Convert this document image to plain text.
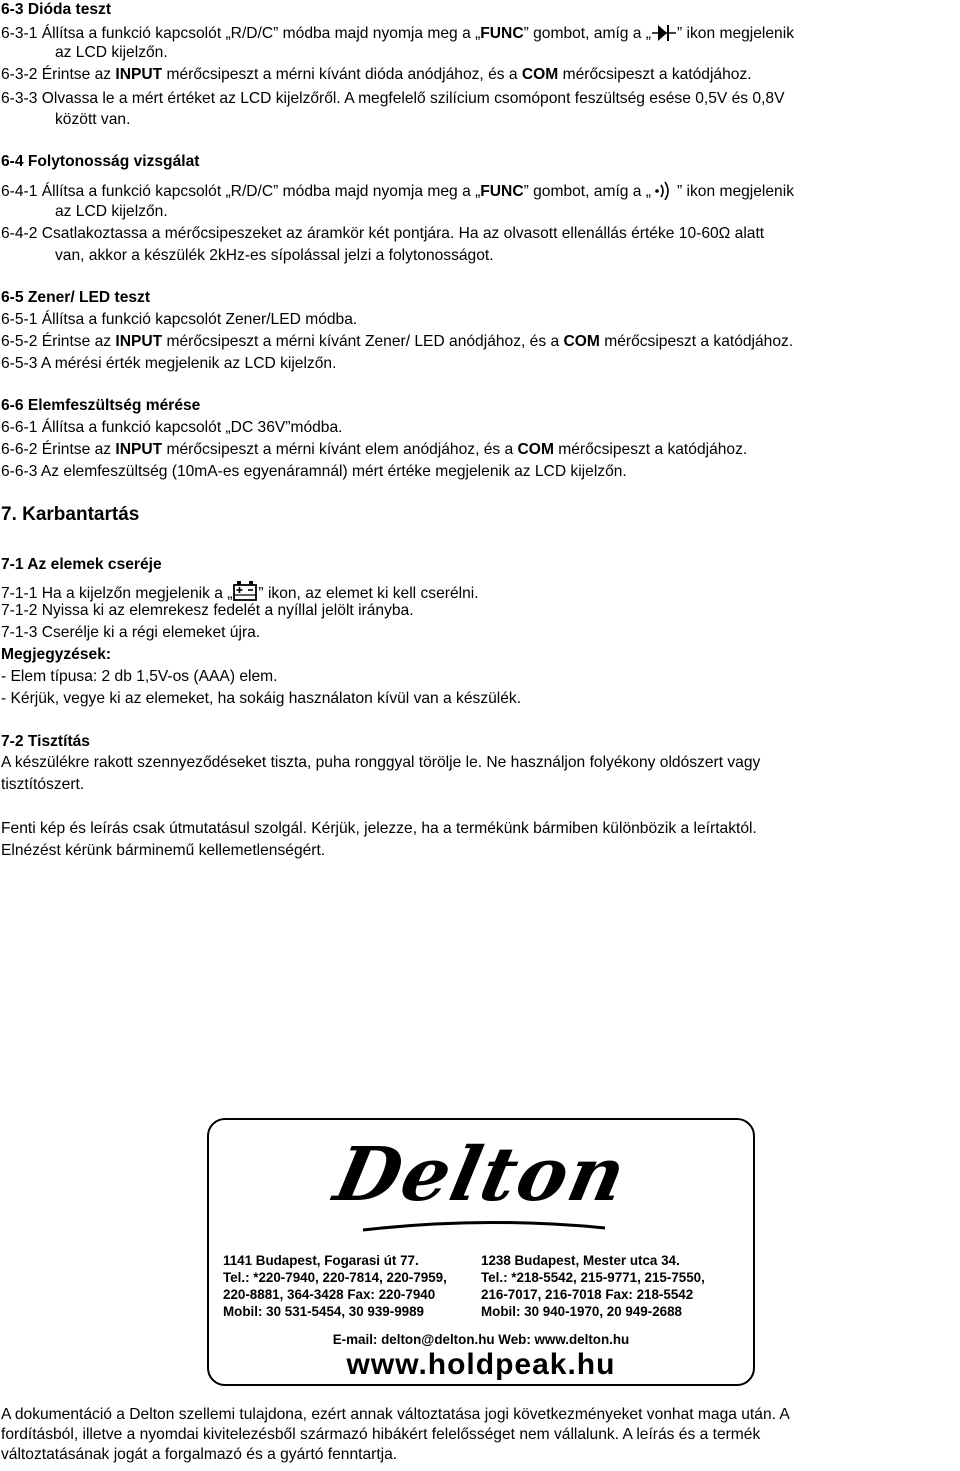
6-3 Dióda teszt
6-3-1 Állítsa a funkció kapcsolót „R/D/C” módba majd nyomja meg a „FUNC” gombot, amíg a „ ” ikon megjelenik
az LCD kijelzőn.
6-3-2 Érintse az INPUT mérőcsipeszt a mérni kívánt dióda anódjához, és a COM mérőcsipeszt a katódjához.
6-3-3 Olvassa le a mért értéket az LCD kijelzőről. A megfelelő szilícium csomópont feszültség esése 0,5V és 0,8V
között van.
6-4 Folytonosság vizsgálat
6-4-1 Állítsa a funkció kapcsolót „R/D/C” módba majd nyomja meg a „FUNC” gombot, amíg a „ ” ikon megjelenik
az LCD kijelzőn.
6-4-2 Csatlakoztassa a mérőcsipeszeket az áramkör két pontjára. Ha az olvasott ellenállás értéke 10-60Ω alatt
van, akkor a készülék 2kHz-es sípolással jelzi a folytonosságot.
6-5 Zener/ LED teszt
6-5-1 Állítsa a funkció kapcsolót Zener/LED módba.
6-5-2 Érintse az INPUT mérőcsipeszt a mérni kívánt Zener/ LED anódjához, és a COM mérőcsipeszt a katódjához.
6-5-3 A mérési érték megjelenik az LCD kijelzőn.
6-6 Elemfeszültség mérése
6-6-1 Állítsa a funkció kapcsolót „DC 36V”módba.
6-6-2 Érintse az INPUT mérőcsipeszt a mérni kívánt elem anódjához, és a COM mérőcsipeszt a katódjához.
6-6-3 Az elemfeszültség (10mA-es egyenáramnál) mért értéke megjelenik az LCD kijelzőn.
7. Karbantartás
7-1 Az elemek cseréje
7-1-1 Ha a kijelzőn megjelenik a „ ” ikon, az elemet ki kell cserélni.
7-1-2 Nyissa ki az elemrekesz fedelét a nyíllal jelölt irányba.
7-1-3 Cserélje ki a régi elemeket újra.
Megjegyzések:
- Elem típusa: 2 db 1,5V-os (AAA) elem.
- Kérjük, vegye ki az elemeket, ha sokáig használaton kívül van a készülék.
7-2 Tisztítás
A készülékre rakott szennyeződéseket tiszta, puha ronggyal törölje le. Ne használjon folyékony oldószert vagy
tisztítószert.
Fenti kép és leírás csak útmutatásul szolgál. Kérjük, jelezze, ha a termékünk bármiben különbözik a leírtaktól.
Elnézést kérünk bárminemű kellemetlenségért.
Delton
1141 Budapest, Fogarasi út 77.
Tel.: *220-7940, 220-7814, 220-7959,
220-8881, 364-3428 Fax: 220-7940
Mobil: 30 531-5454, 30 939-9989
1238 Budapest, Mester utca 34.
Tel.: *218-5542, 215-9771, 215-7550,
216-7017, 216-7018 Fax: 218-5542
Mobil: 30 940-1970, 20 949-2688
E-mail: delton@delton.hu Web: www.delton.hu
www.holdpeak.hu
A dokumentáció a Delton szellemi tulajdona, ezért annak változtatása jogi következményeket vonhat maga után. A
fordításból, illetve a nyomdai kivitelezésből származó hibákért felelősséget nem vállalunk. A leírás és a termék
változtatásának jogát a forgalmazó és a gyártó fenntartja.
